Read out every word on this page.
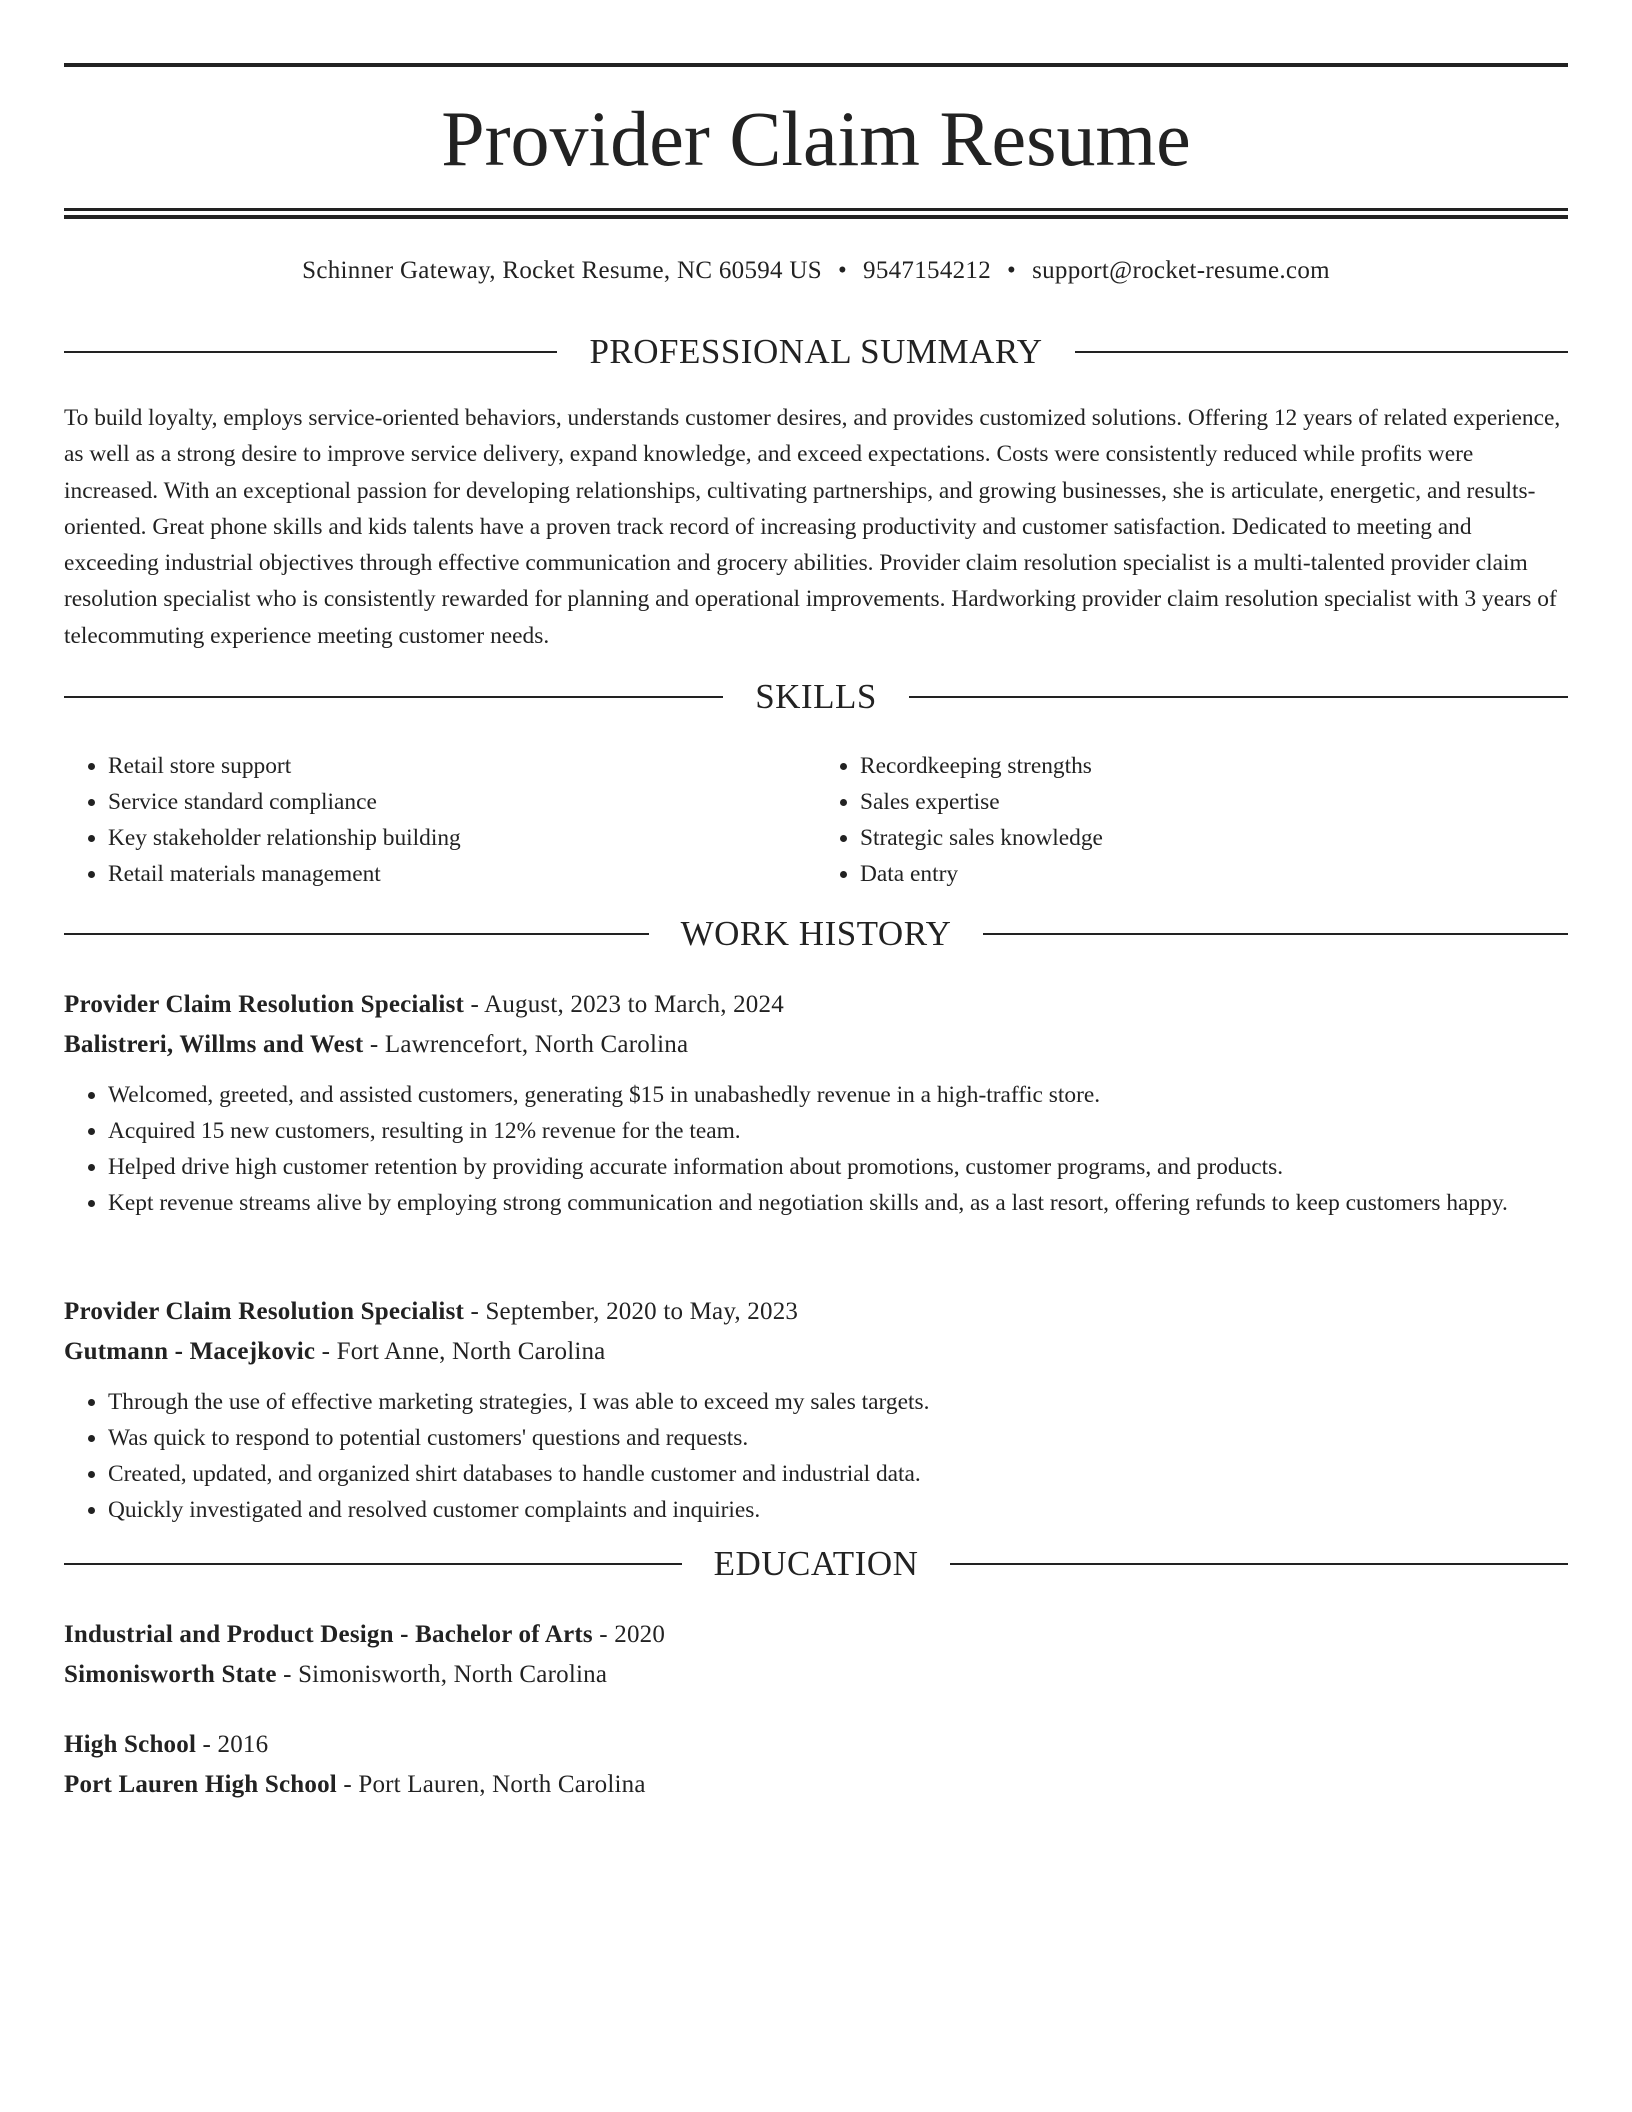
Provider Claim Resume
Schinner Gateway, Rocket Resume, NC 60594 US • 9547154212 • support@rocket-resume.com
PROFESSIONAL SUMMARY

To build loyalty, employs service-oriented behaviors, understands customer desires, and provides customized solutions. Offering 12 years of related experience, as well as a strong desire to improve service delivery, expand knowledge, and exceed expectations. Costs were consistently reduced while profits were increased. With an exceptional passion for developing relationships, cultivating partnerships, and growing businesses, she is articulate, energetic, and results-oriented. Great phone skills and kids talents have a proven track record of increasing productivity and customer satisfaction. Dedicated to meeting and exceeding industrial objectives through effective communication and grocery abilities. Provider claim resolution specialist is a multi-talented provider claim resolution specialist who is consistently rewarded for planning and operational improvements. Hardworking provider claim resolution specialist with 3 years of telecommuting experience meeting customer needs.

SKILLS
• Retail store support
• Service standard compliance
• Key stakeholder relationship building
• Retail materials management
• Recordkeeping strengths
• Sales expertise
• Strategic sales knowledge
• Data entry
WORK HISTORY
Provider Claim Resolution Specialist - August, 2023 to March, 2024
Balistreri, Willms and West - Lawrencefort, North Carolina
• Welcomed, greeted, and assisted customers, generating $15 in unabashedly revenue in a high-traffic store.
• Acquired 15 new customers, resulting in 12% revenue for the team.
• Helped drive high customer retention by providing accurate information about promotions, customer programs, and products.
• Kept revenue streams alive by employing strong communication and negotiation skills and, as a last resort, offering refunds to keep customers happy.
Provider Claim Resolution Specialist - September, 2020 to May, 2023
Gutmann - Macejkovic - Fort Anne, North Carolina
• Through the use of effective marketing strategies, I was able to exceed my sales targets.
• Was quick to respond to potential customers' questions and requests.
• Created, updated, and organized shirt databases to handle customer and industrial data.
• Quickly investigated and resolved customer complaints and inquiries.
EDUCATION
Industrial and Product Design - Bachelor of Arts - 2020
Simonisworth State - Simonisworth, North Carolina
High School - 2016
Port Lauren High School - Port Lauren, North Carolina
